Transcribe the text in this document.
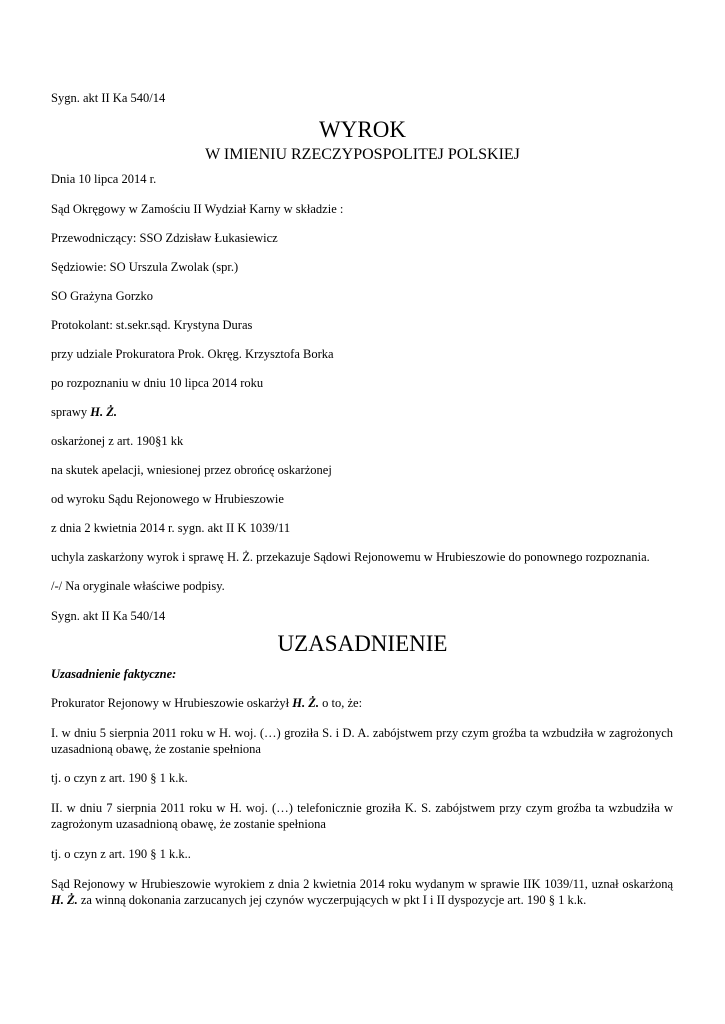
Sygn. akt II Ka 540/14
WYROK
W IMIENIU RZECZYPOSPOLITEJ POLSKIEJ
Dnia 10 lipca 2014 r.
Sąd Okręgowy w Zamościu II Wydział Karny w składzie :
Przewodniczący: SSO Zdzisław Łukasiewicz
Sędziowie: SO Urszula Zwolak (spr.)
SO Grażyna Gorzko
Protokolant: st.sekr.sąd. Krystyna Duras
przy udziale Prokuratora Prok. Okręg. Krzysztofa Borka
po rozpoznaniu w dniu 10 lipca 2014 roku
sprawy H. Ż.
oskarżonej z art. 190§1 kk
na skutek apelacji, wniesionej przez obrońcę oskarżonej
od wyroku Sądu Rejonowego w Hrubieszowie
z dnia 2 kwietnia 2014 r. sygn. akt II K 1039/11
uchyla zaskarżony wyrok i sprawę H. Ż. przekazuje Sądowi Rejonowemu w Hrubieszowie do ponownego rozpoznania.
/-/ Na oryginale właściwe podpisy.
Sygn. akt II Ka 540/14
UZASADNIENIE
Uzasadnienie faktyczne:
Prokurator Rejonowy w Hrubieszowie oskarżył H. Ż. o to, że:
I. w dniu 5 sierpnia 2011 roku w H. woj. (…) groziła S. i D. A. zabójstwem przy czym groźba ta wzbudziła w zagrożonych uzasadnioną obawę, że zostanie spełniona
tj. o czyn z art. 190 § 1 k.k.
II. w dniu 7 sierpnia 2011 roku w H. woj. (…) telefonicznie groziła K. S. zabójstwem przy czym groźba ta wzbudziła w zagrożonym uzasadnioną obawę, że zostanie spełniona
tj. o czyn z art. 190 § 1 k.k..
Sąd Rejonowy w Hrubieszowie wyrokiem z dnia 2 kwietnia 2014 roku wydanym w sprawie IIK 1039/11, uznał oskarżoną H. Ż. za winną dokonania zarzucanych jej czynów wyczerpujących w pkt I i II dyspozycje art. 190 § 1 k.k.
